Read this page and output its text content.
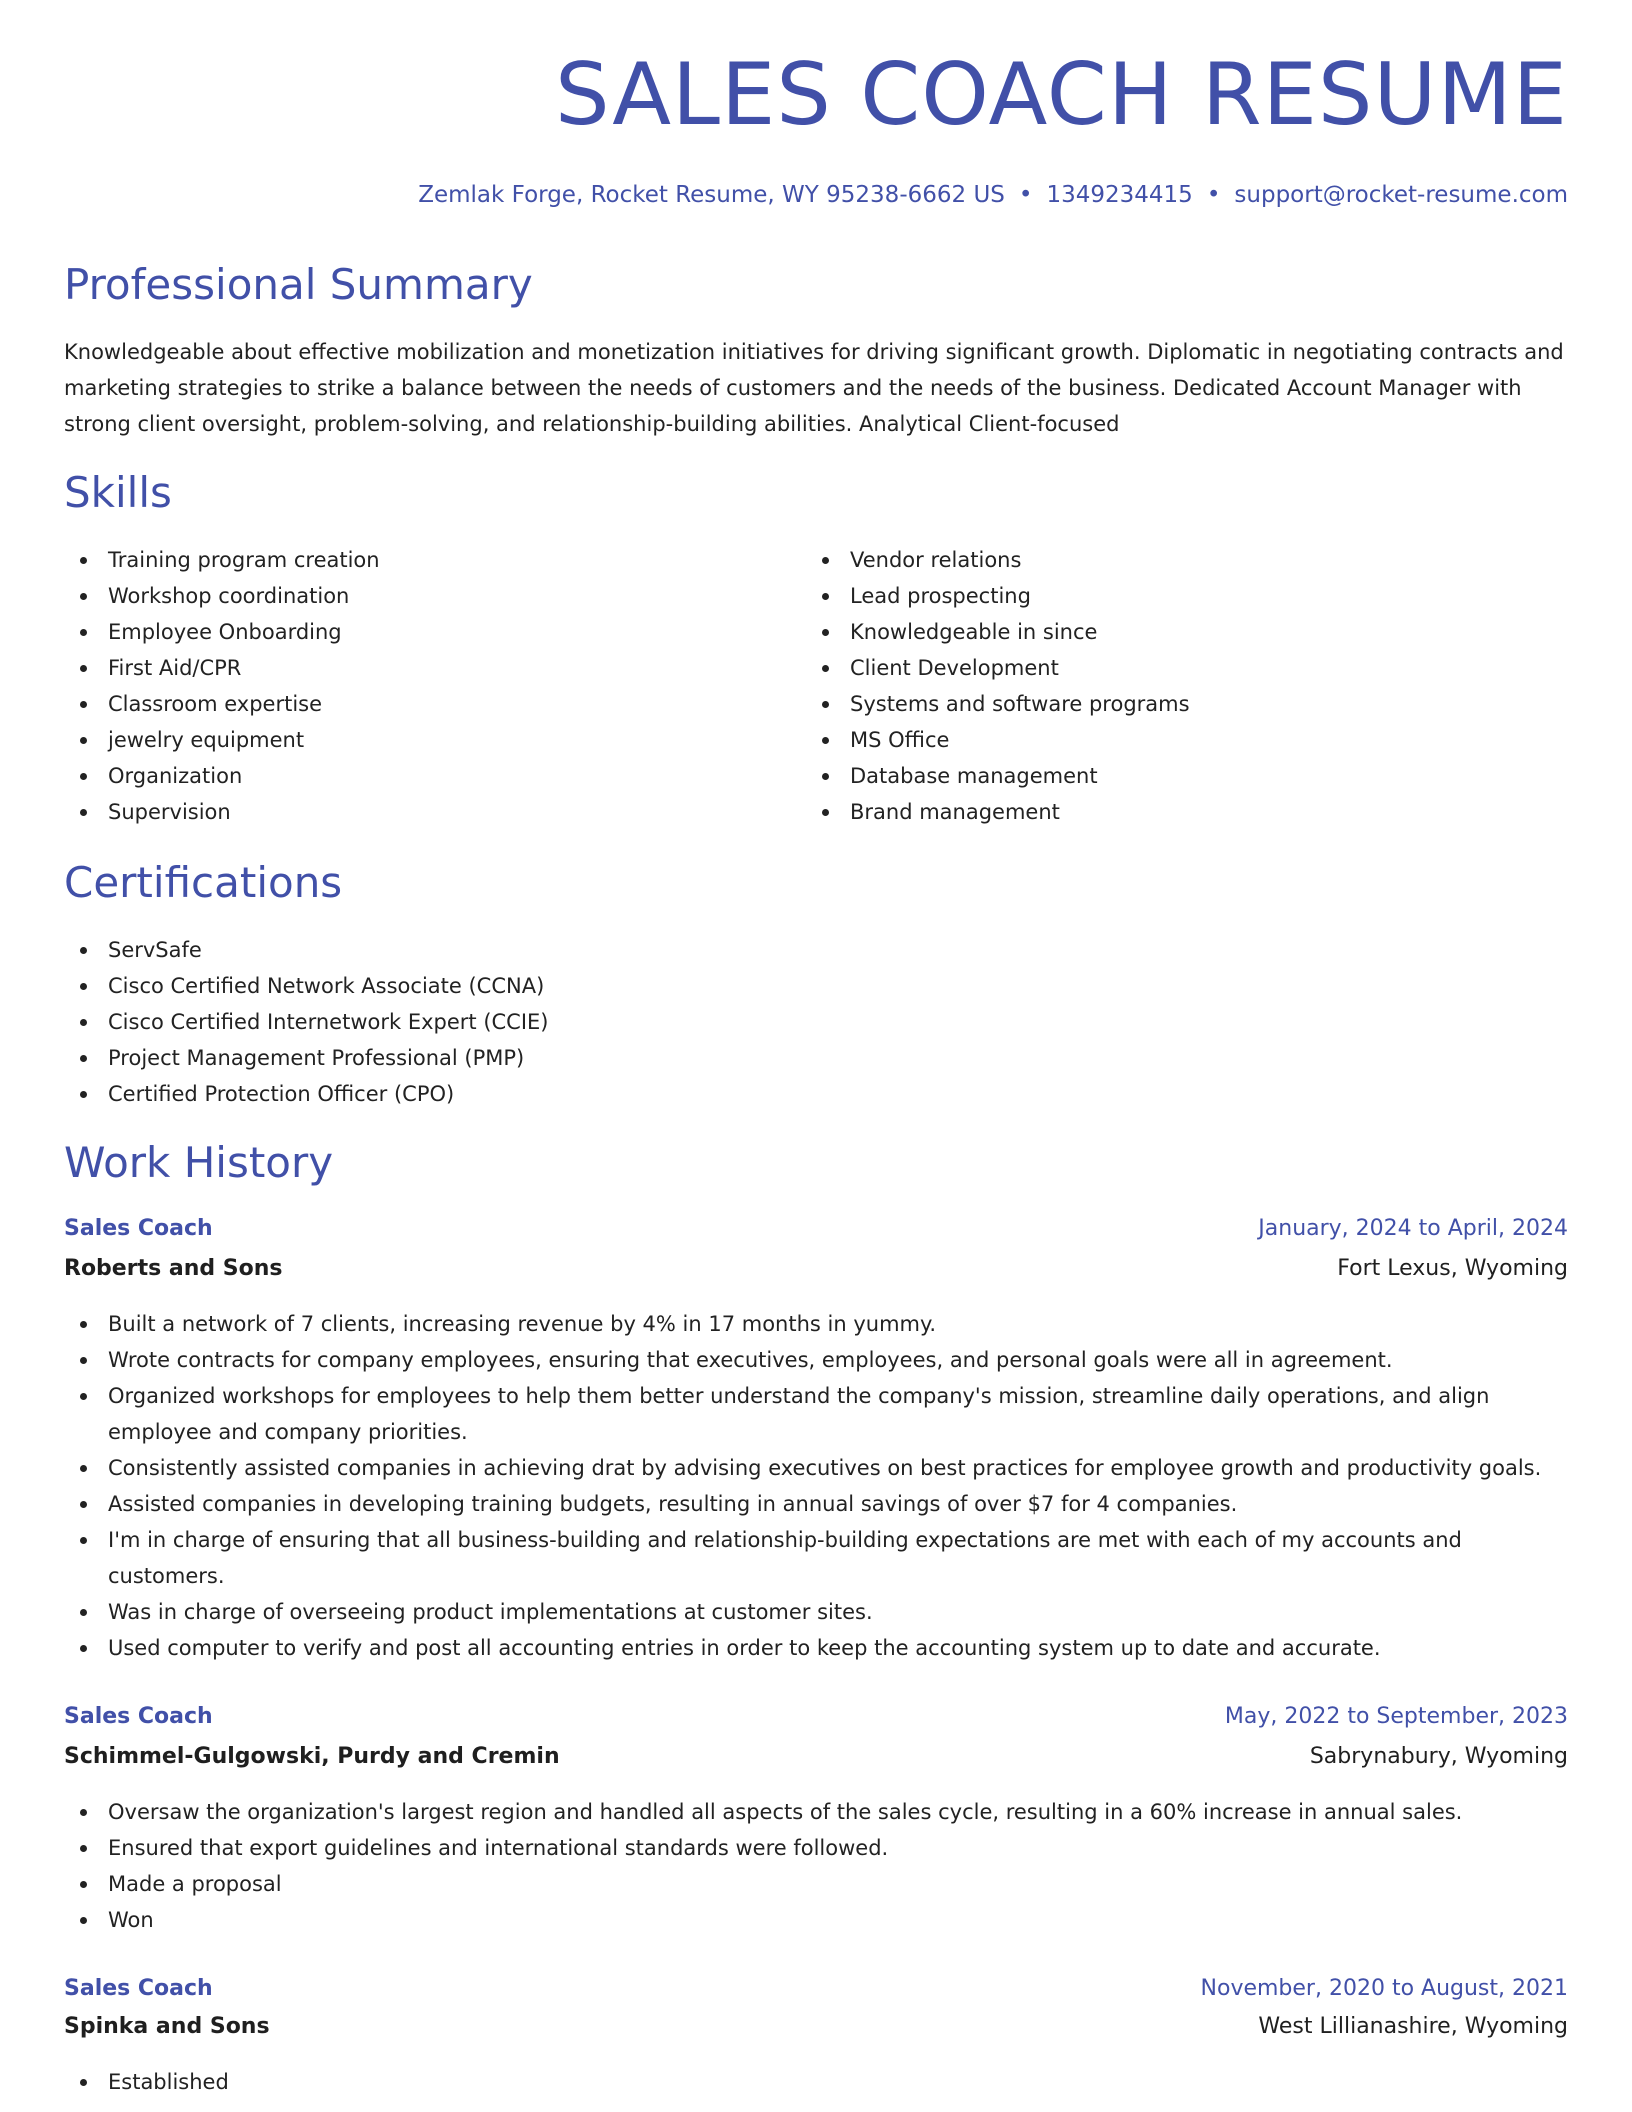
SALES COACH RESUME
Zemlak Forge, Rocket Resume, WY 95238-6662 US • 1349234415 • support@rocket-resume.com
Professional Summary

Knowledgeable about effective mobilization and monetization initiatives for driving significant growth. Diplomatic in negotiating contracts and marketing strategies to strike a balance between the needs of customers and the needs of the business. Dedicated Account Manager with strong client oversight, problem-solving, and relationship-building abilities. Analytical Client-focused

Skills
Training program creation
Workshop coordination
Employee Onboarding
First Aid/CPR
Classroom expertise
jewelry equipment
Organization
Supervision
Vendor relations
Lead prospecting
Knowledgeable in since
Client Development
Systems and software programs
MS Office
Database management
Brand management
Certifications
ServSafe
Cisco Certified Network Associate (CCNA)
Cisco Certified Internetwork Expert (CCIE)
Project Management Professional (PMP)
Certified Protection Officer (CPO)
Work History
Sales Coach	January, 2024 to April, 2024
Roberts and Sons	Fort Lexus, Wyoming
Built a network of 7 clients, increasing revenue by 4% in 17 months in yummy.
Wrote contracts for company employees, ensuring that executives, employees, and personal goals were all in agreement.
Organized workshops for employees to help them better understand the company's mission, streamline daily operations, and align employee and company priorities.
Consistently assisted companies in achieving drat by advising executives on best practices for employee growth and productivity goals.
Assisted companies in developing training budgets, resulting in annual savings of over $7 for 4 companies.
I'm in charge of ensuring that all business-building and relationship-building expectations are met with each of my accounts and customers.
Was in charge of overseeing product implementations at customer sites.
Used computer to verify and post all accounting entries in order to keep the accounting system up to date and accurate.
Sales Coach	May, 2022 to September, 2023
Schimmel-Gulgowski, Purdy and Cremin	Sabrynabury, Wyoming
Oversaw the organization's largest region and handled all aspects of the sales cycle, resulting in a 60% increase in annual sales.
Ensured that export guidelines and international standards were followed.
Made a proposal
Won
Sales Coach	November, 2020 to August, 2021
Spinka and Sons	West Lillianashire, Wyoming
Established
